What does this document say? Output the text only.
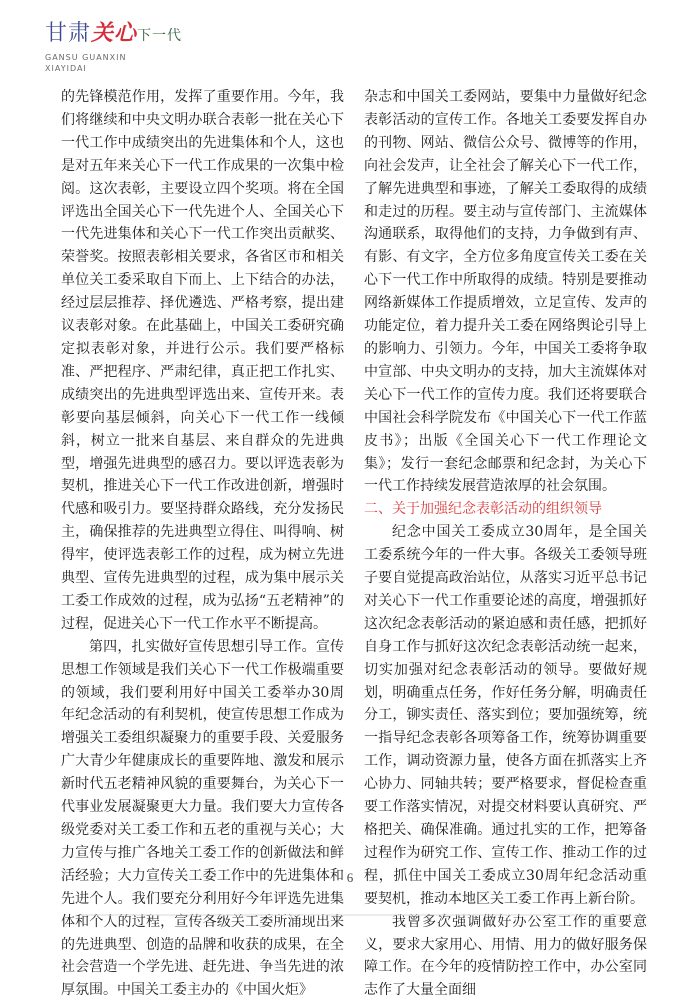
甘肃关心下一代
GANSU GUANXIN
XIAYIDAI

的先锋模范作用，发挥了重要作用。今年，我们将继续和中央文明办联合表彰一批在关心下一代工作中成绩突出的先进集体和个人，这也是对五年来关心下一代工作成果的一次集中检阅。这次表彰，主要设立四个奖项。将在全国评选出全国关心下一代先进个人、全国关心下一代先进集体和关心下一代工作突出贡献奖、荣誉奖。按照表彰相关要求，各省区市和相关单位关工委采取自下而上、上下结合的办法，经过层层推荐、择优遴选、严格考察，提出建议表彰对象。在此基础上，中国关工委研究确定拟表彰对象，并进行公示。我们要严格标准、严把程序、严肃纪律，真正把工作扎实、成绩突出的先进典型评选出来、宣传开来。表彰要向基层倾斜，向关心下一代工作一线倾斜，树立一批来自基层、来自群众的先进典型，增强先进典型的感召力。要以评选表彰为契机，推进关心下一代工作改进创新，增强时代感和吸引力。要坚持群众路线，充分发扬民主，确保推荐的先进典型立得住、叫得响、树得牢，使评选表彰工作的过程，成为树立先进典型、宣传先进典型的过程，成为集中展示关工委工作成效的过程，成为弘扬“五老精神”的过程，促进关心下一代工作水平不断提高。

第四，扎实做好宣传思想引导工作。宣传思想工作领域是我们关心下一代工作极端重要的领域，我们要利用好中国关工委举办30周年纪念活动的有利契机，使宣传思想工作成为增强关工委组织凝聚力的重要手段、关爱服务广大青少年健康成长的重要阵地、激发和展示新时代五老精神风貌的重要舞台，为关心下一代事业发展凝聚更大力量。我们要大力宣传各级党委对关工委工作和五老的重视与关心；大力宣传与推广各地关工委工作的创新做法和鲜活经验；大力宣传关工委工作中的先进集体和先进个人。我们要充分利用好今年评选先进集体和个人的过程，宣传各级关工委所涌现出来的先进典型、创造的品牌和收获的成果，在全社会营造一个学先进、赶先进、争当先进的浓厚氛围。中国关工委主办的《中国火炬》

杂志和中国关工委网站，要集中力量做好纪念表彰活动的宣传工作。各地关工委要发挥自办的刊物、网站、微信公众号、微博等的作用，向社会发声，让全社会了解关心下一代工作，了解先进典型和事迹，了解关工委取得的成绩和走过的历程。要主动与宣传部门、主流媒体沟通联系，取得他们的支持，力争做到有声、有影、有文字，全方位多角度宣传关工委在关心下一代工作中所取得的成绩。特别是要推动网络新媒体工作提质增效，立足宣传、发声的功能定位，着力提升关工委在网络舆论引导上的影响力、引领力。今年，中国关工委将争取中宣部、中央文明办的支持，加大主流媒体对关心下一代工作的宣传力度。我们还将要联合中国社会科学院发布《中国关心下一代工作蓝皮书》；出版《全国关心下一代工作理论文集》；发行一套纪念邮票和纪念封，为关心下一代工作持续发展营造浓厚的社会氛围。

二、关于加强纪念表彰活动的组织领导

纪念中国关工委成立30周年，是全国关工委系统今年的一件大事。各级关工委领导班子要自觉提高政治站位，从落实习近平总书记对关心下一代工作重要论述的高度，增强抓好这次纪念表彰活动的紧迫感和责任感，把抓好自身工作与抓好这次纪念表彰活动统一起来，切实加强对纪念表彰活动的领导。要做好规划，明确重点任务，作好任务分解，明确责任分工，铆实责任、落实到位；要加强统筹，统一指导纪念表彰各项筹备工作，统筹协调重要工作，调动资源力量，使各方面在抓落实上齐心协力、同轴共转；要严格要求，督促检查重要工作落实情况，对提交材料要认真研究、严格把关、确保准确。通过扎实的工作，把筹备过程作为研究工作、宣传工作、推动工作的过程，抓住中国关工委成立30周年纪念活动重要契机，推动本地区关工委工作再上新台阶。

我曾多次强调做好办公室工作的重要意义，要求大家用心、用情、用力的做好服务保障工作。在今年的疫情防控工作中，办公室同志作了大量全面细

6
